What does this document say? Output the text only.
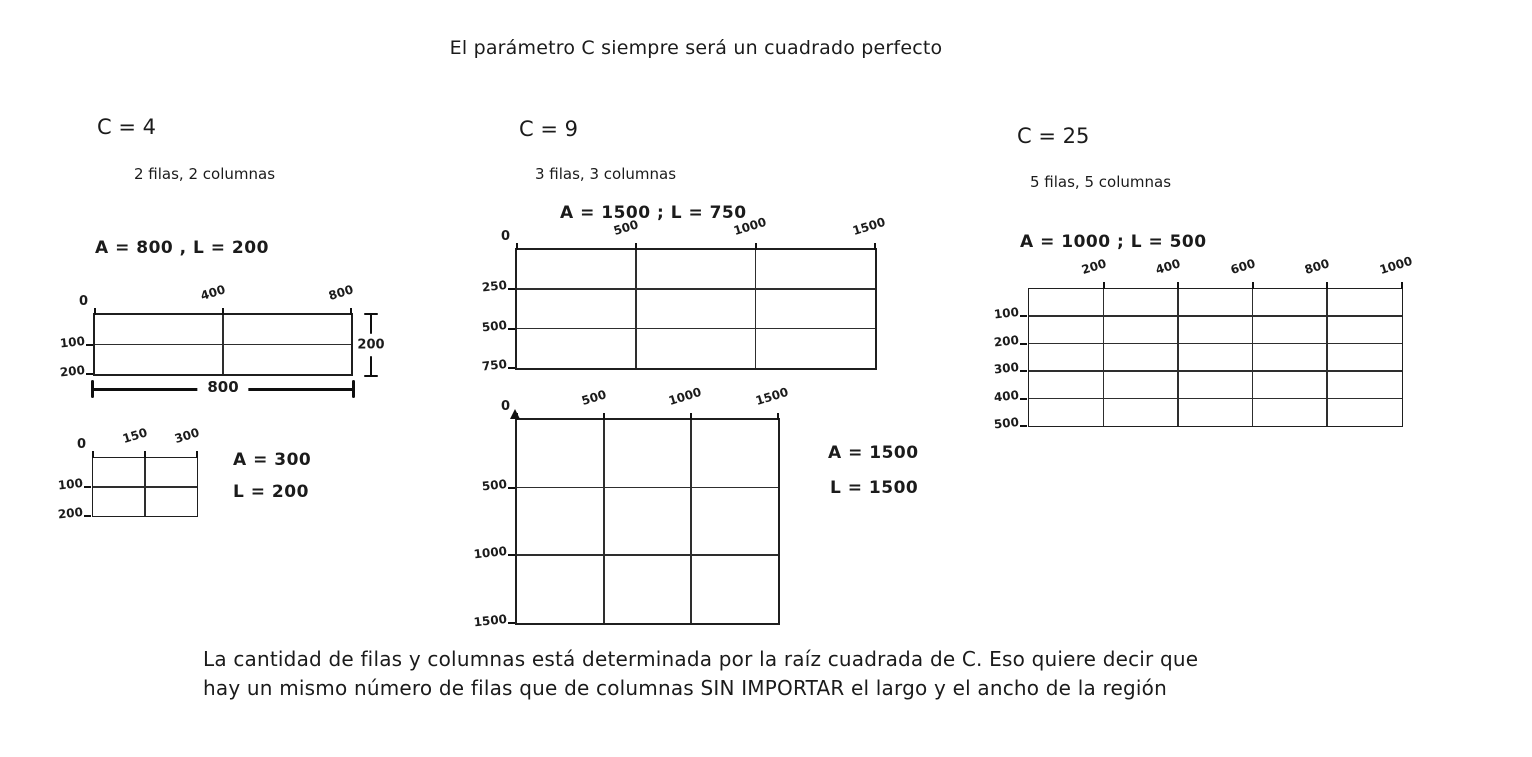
El parámetro C siempre será un cuadrado perfecto
C = 4
2 filas, 2 columnas
A = 800 , L = 200
400	800
100
200
0
800
200
150 300
100
200
0
A = 300
L = 200
C = 9
3 filas, 3 columnas
A = 1500 ; L = 750
500	1000	1500
250
500
750
0
500	1000	1500
500
1000
1500
0
A = 1500
L = 1500
C = 25
5 filas, 5 columnas
A = 1000 ; L = 500
200	400	600	800	1000
100
200
300
400
500
La cantidad de filas y columnas está determinada por la raíz cuadrada de C. Eso quiere decir que
hay un mismo número de filas que de columnas SIN IMPORTAR el largo y el ancho de la región
